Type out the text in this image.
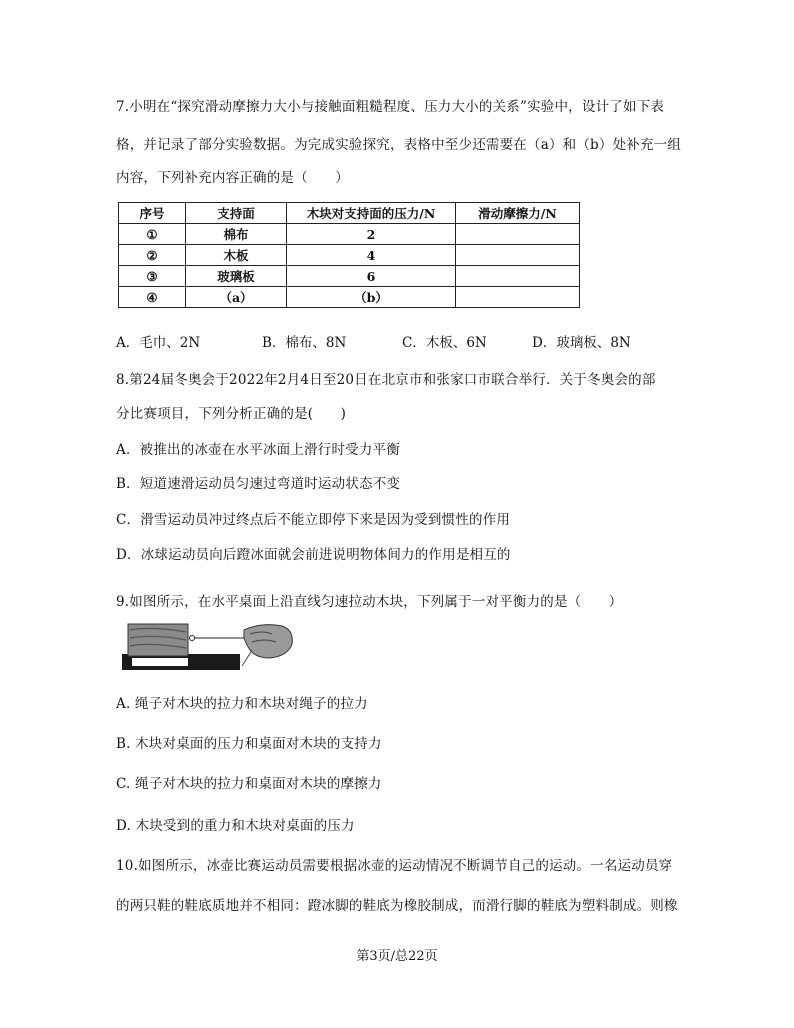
7.小明在“探究滑动摩擦力大小与接触面粗糙程度、压力大小的关系”实验中，设计了如下表
格，并记录了部分实验数据。为完成实验探究，表格中至少还需要在（a）和（b）处补充一组
内容，下列补充内容正确的是（　　）
序号	支持面	木块对支持面的压力/N	滑动摩擦力/N
①	棉布	2	
②	木板	4	
③	玻璃板	6	
④	（a）	（b）	
A．毛巾、2N	B．棉布、8N	C．木板、6N	D．玻璃板、8N
8.第24届冬奥会于2022年2月4日至20日在北京市和张家口市联合举行．关于冬奥会的部
分比赛项目，下列分析正确的是(　　)
A．被推出的冰壶在水平冰面上滑行时受力平衡
B．短道速滑运动员匀速过弯道时运动状态不变
C．滑雪运动员冲过终点后不能立即停下来是因为受到惯性的作用
D．冰球运动员向后蹬冰面就会前进说明物体间力的作用是相互的
9.如图所示，在水平桌面上沿直线匀速拉动木块，下列属于一对平衡力的是（　　）
A. 绳子对木块的拉力和木块对绳子的拉力
B. 木块对桌面的压力和桌面对木块的支持力
C. 绳子对木块的拉力和桌面对木块的摩擦力
D. 木块受到的重力和木块对桌面的压力
10.如图所示，冰壶比赛运动员需要根据冰壶的运动情况不断调节自己的运动。一名运动员穿
的两只鞋的鞋底质地并不相同：蹬冰脚的鞋底为橡胶制成，而滑行脚的鞋底为塑料制成。则橡
第3页/总22页
